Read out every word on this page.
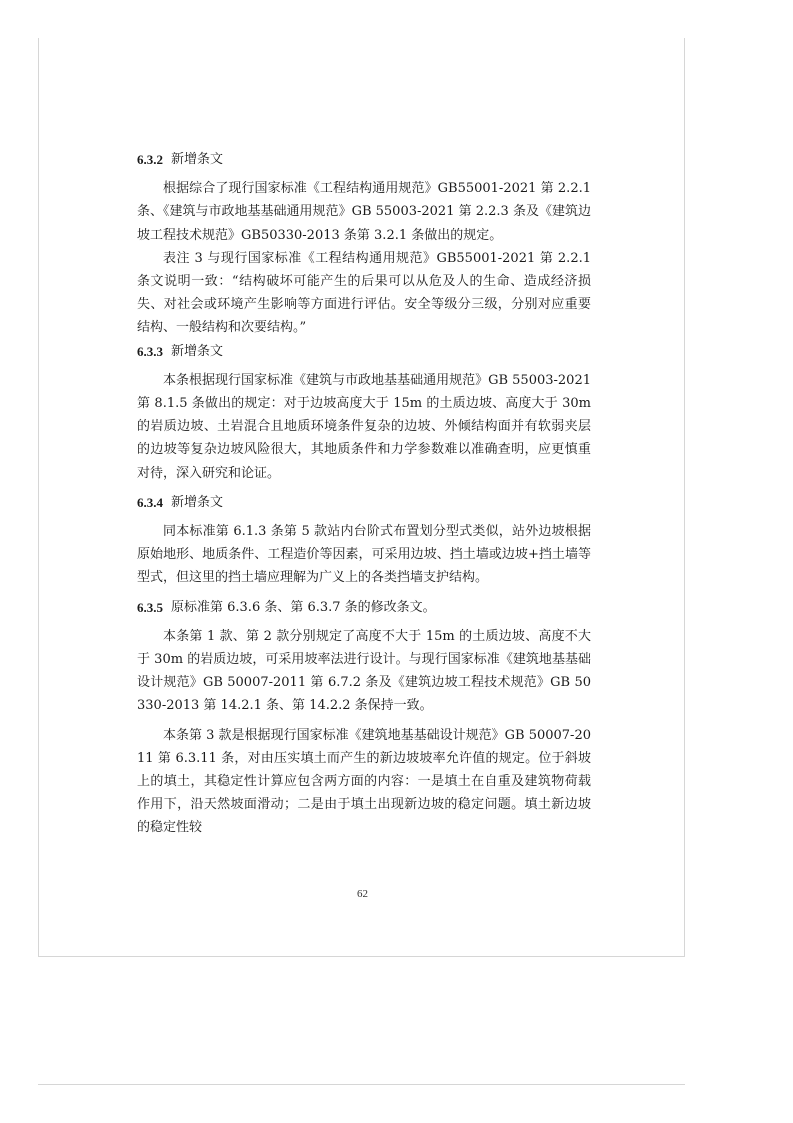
6.3.2 新增条文

根据综合了现行国家标准《工程结构通用规范》GB55001-2021 第 2.2.1 条、《建筑与市政地基基础通用规范》GB 55003-2021 第 2.2.3 条及《建筑边坡工程技术规范》GB50330-2013 条第 3.2.1 条做出的规定。

表注 3 与现行国家标准《工程结构通用规范》GB55001-2021 第 2.2.1 条文说明一致：“结构破坏可能产生的后果可以从危及人的生命、造成经济损失、对社会或环境产生影响等方面进行评估。安全等级分三级，分别对应重要结构、一般结构和次要结构。”

6.3.3 新增条文

本条根据现行国家标准《建筑与市政地基基础通用规范》GB 55003-2021 第 8.1.5 条做出的规定：对于边坡高度大于 15m 的土质边坡、高度大于 30m 的岩质边坡、土岩混合且地质环境条件复杂的边坡、外倾结构面并有软弱夹层的边坡等复杂边坡风险很大，其地质条件和力学参数难以准确查明，应更慎重对待，深入研究和论证。

6.3.4 新增条文

同本标准第 6.1.3 条第 5 款站内台阶式布置划分型式类似，站外边坡根据原始地形、地质条件、工程造价等因素，可采用边坡、挡土墙或边坡+挡土墙等型式，但这里的挡土墙应理解为广义上的各类挡墙支护结构。

6.3.5 原标准第 6.3.6 条、第 6.3.7 条的修改条文。

本条第 1 款、第 2 款分别规定了高度不大于 15m 的土质边坡、高度不大于 30m 的岩质边坡，可采用坡率法进行设计。与现行国家标准《建筑地基基础设计规范》GB 50007-2011 第 6.7.2 条及《建筑边坡工程技术规范》GB 50330-2013 第 14.2.1 条、第 14.2.2 条保持一致。

本条第 3 款是根据现行国家标准《建筑地基基础设计规范》GB 50007-2011 第 6.3.11 条，对由压实填土而产生的新边坡坡率允许值的规定。位于斜坡上的填土，其稳定性计算应包含两方面的内容：一是填土在自重及建筑物荷载作用下，沿天然坡面滑动；二是由于填土出现新边坡的稳定问题。填土新边坡的稳定性较

62
